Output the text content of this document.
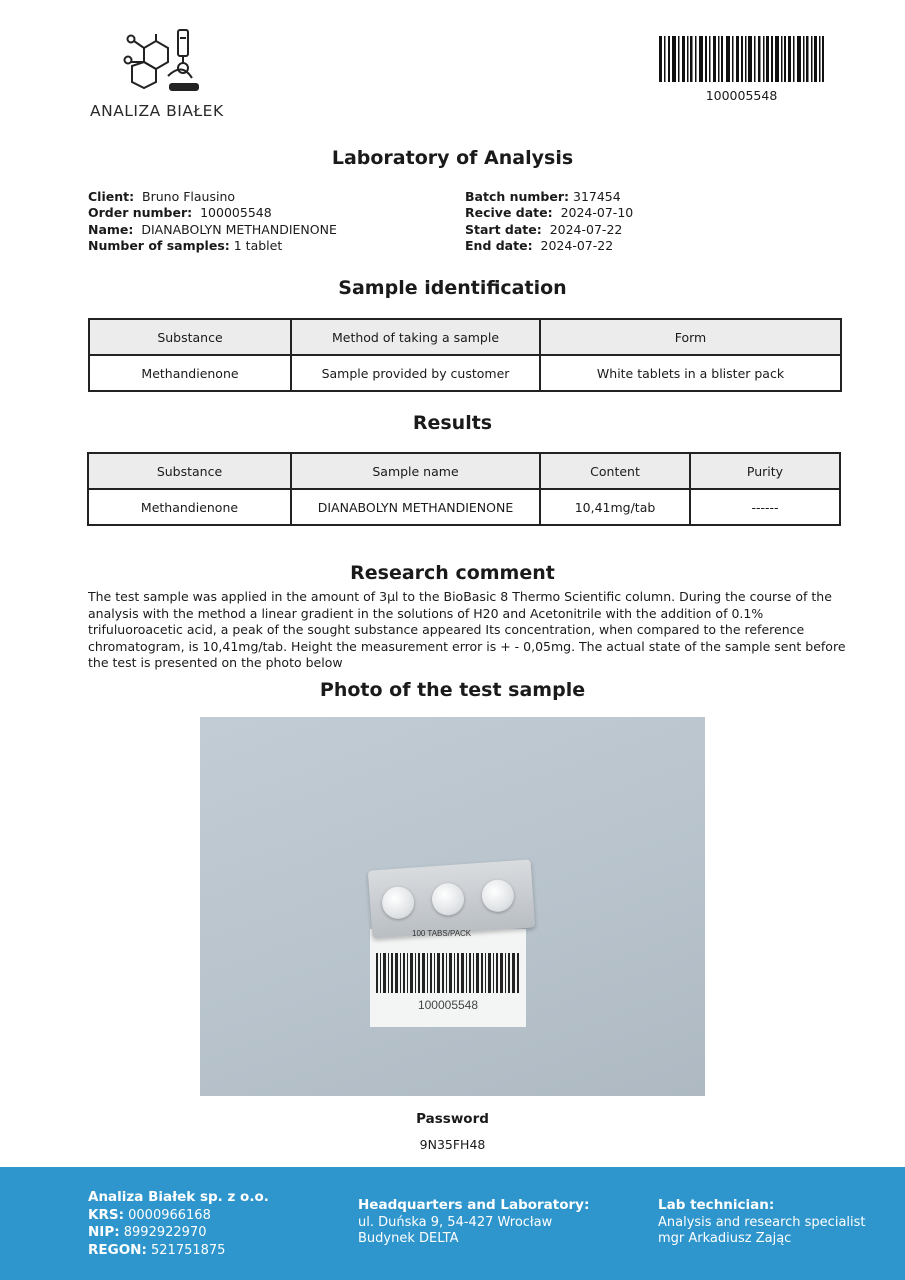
ANALIZA BIAŁEK
100005548
Laboratory of Analysis
Client: Bruno Flausino
Order number: 100005548
Name: DIANABOLYN METHANDIENONE
Number of samples: 1 tablet
Batch number: 317454
Recive date: 2024-07-10
Start date: 2024-07-22
End date: 2024-07-22
Sample identification
Substance	Method of taking a sample	Form
Methandienone	Sample provided by customer	White tablets in a blister pack
Results
Substance	Sample name	Content	Purity
Methandienone	DIANABOLYN METHANDIENONE	10,41mg/tab	------
Research comment
The test sample was applied in the amount of 3µl to the BioBasic 8 Thermo Scientific column. During the course of the analysis with the method a linear gradient in the solutions of H20 and Acetonitrile with the addition of 0.1% trifuluoroacetic acid, a peak of the sought substance appeared Its concentration, when compared to the reference chromatogram, is 10,41mg/tab. Height the measurement error is + - 0,05mg. The actual state of the sample sent before the test is presented on the photo below
Photo of the test sample
100 TABS/PACK
100005548
Password
9N35FH48
Analiza Białek sp. z o.o.
KRS: 0000966168
NIP: 8992922970
REGON: 521751875
Headquarters and Laboratory:
ul. Duńska 9, 54-427 Wrocław
Budynek DELTA
Lab technician:
Analysis and research specialist
mgr Arkadiusz Zając
